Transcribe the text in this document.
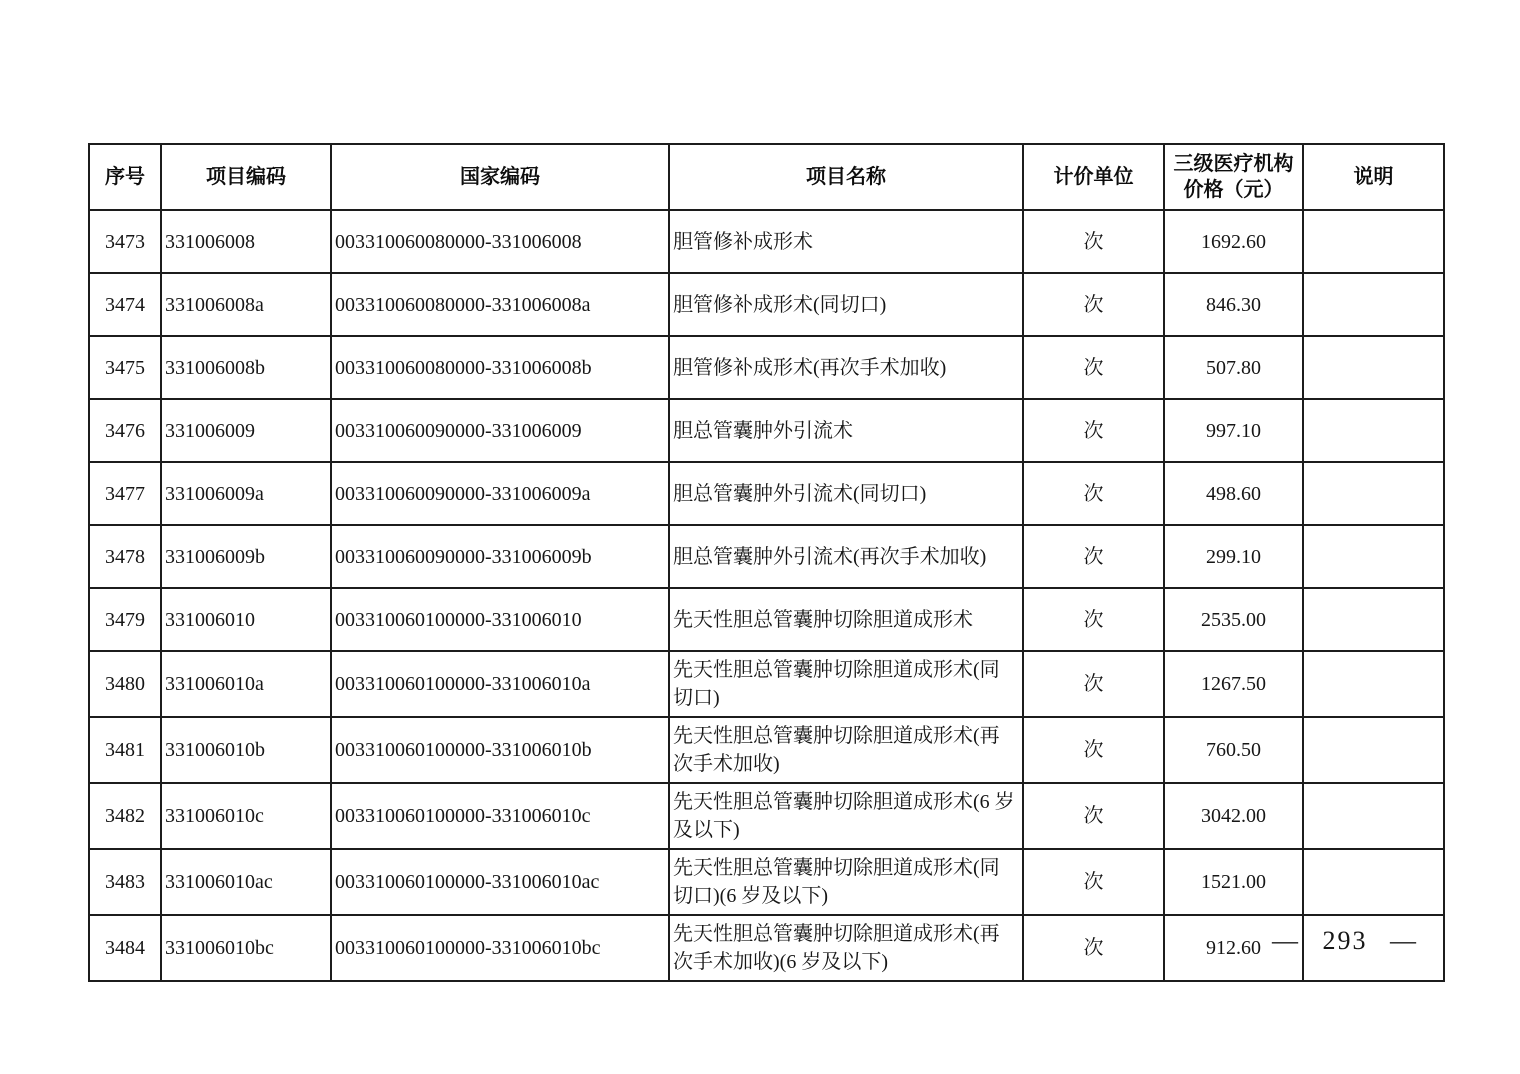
序号	项目编码	国家编码	项目名称	计价单位	三级医疗机构价格（元）	说明
3473	331006008	003310060080000-331006008	胆管修补成形术	次	1692.60	
3474	331006008a	003310060080000-331006008a	胆管修补成形术(同切口)	次	846.30	
3475	331006008b	003310060080000-331006008b	胆管修补成形术(再次手术加收)	次	507.80	
3476	331006009	003310060090000-331006009	胆总管囊肿外引流术	次	997.10	
3477	331006009a	003310060090000-331006009a	胆总管囊肿外引流术(同切口)	次	498.60	
3478	331006009b	003310060090000-331006009b	胆总管囊肿外引流术(再次手术加收)	次	299.10	
3479	331006010	003310060100000-331006010	先天性胆总管囊肿切除胆道成形术	次	2535.00	
3480	331006010a	003310060100000-331006010a	先天性胆总管囊肿切除胆道成形术(同切口)	次	1267.50	
3481	331006010b	003310060100000-331006010b	先天性胆总管囊肿切除胆道成形术(再次手术加收)	次	760.50	
3482	331006010c	003310060100000-331006010c	先天性胆总管囊肿切除胆道成形术(6 岁及以下)	次	3042.00	
3483	331006010ac	003310060100000-331006010ac	先天性胆总管囊肿切除胆道成形术(同切口)(6 岁及以下)	次	1521.00	
3484	331006010bc	003310060100000-331006010bc	先天性胆总管囊肿切除胆道成形术(再次手术加收)(6 岁及以下)	次	912.60	— 293 —
